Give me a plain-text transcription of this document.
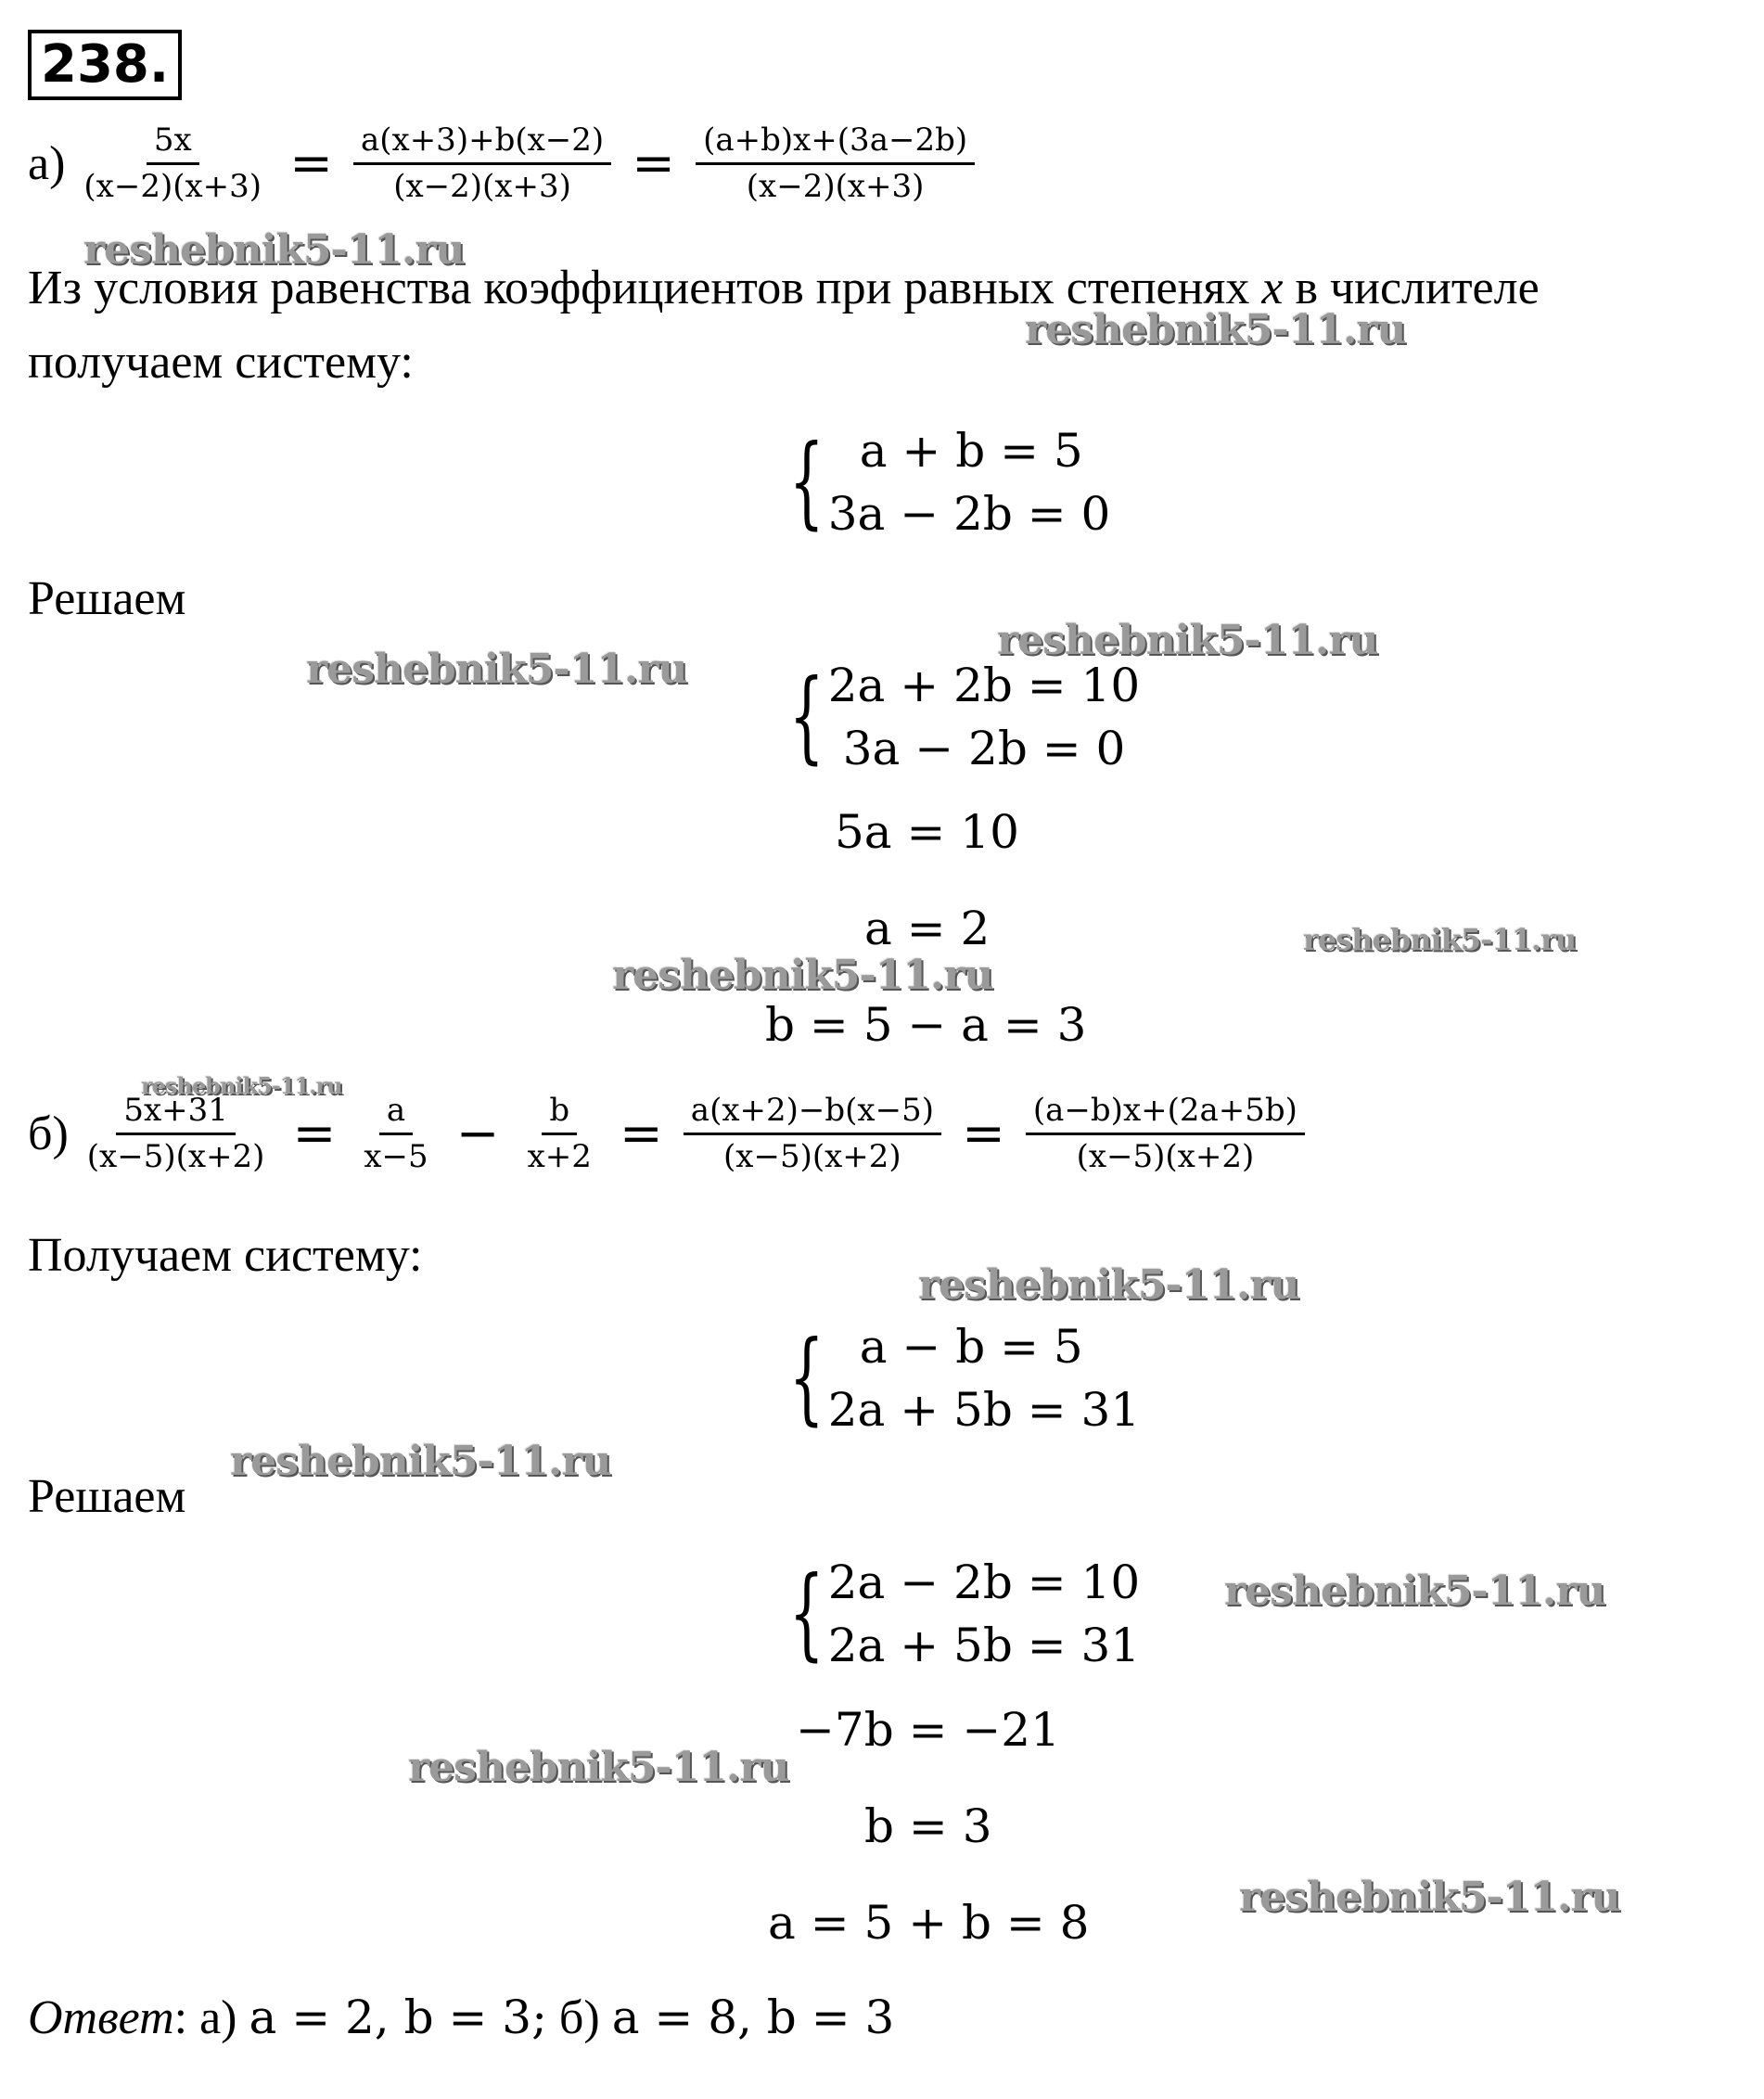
238.
$а) \frac{5x}{(x-2)(x+3)} = \frac{a(x+3)+b(x-2)}{(x-2)(x+3)} = \frac{(a+b)x+(3a-2b)}{(x-2)(x+3)}$
Из условия равенства коэффициентов при равных степенях x в числителе
получаем систему:
{ a + b = 5
3a − 2b = 0
Решаем
{ 2a + 2b = 10
3a − 2b = 0
5a = 10
a = 2
b = 5 − a = 3
$б) \frac{5x+31}{(x-5)(x+2)} = \frac{a}{x-5} - \frac{b}{x+2} = \frac{a(x+2)-b(x-5)}{(x-5)(x+2)} = \frac{(a-b)x+(2a+5b)}{(x-5)(x+2)}$
Получаем систему:
{ a − b = 5
2a + 5b = 31
Решаем
{ 2a − 2b = 10
2a + 5b = 31
−7b = −21
b = 3
a = 5 + b = 8
Ответ: а) a = 2, b = 3; б) a = 8, b = 3
reshebnik5-11.ru
reshebnik5-11.ru
reshebnik5-11.ru
reshebnik5-11.ru
reshebnik5-11.ru
reshebnik5-11.ru
reshebnik5-11.ru
reshebnik5-11.ru
reshebnik5-11.ru
reshebnik5-11.ru
reshebnik5-11.ru
reshebnik5-11.ru
